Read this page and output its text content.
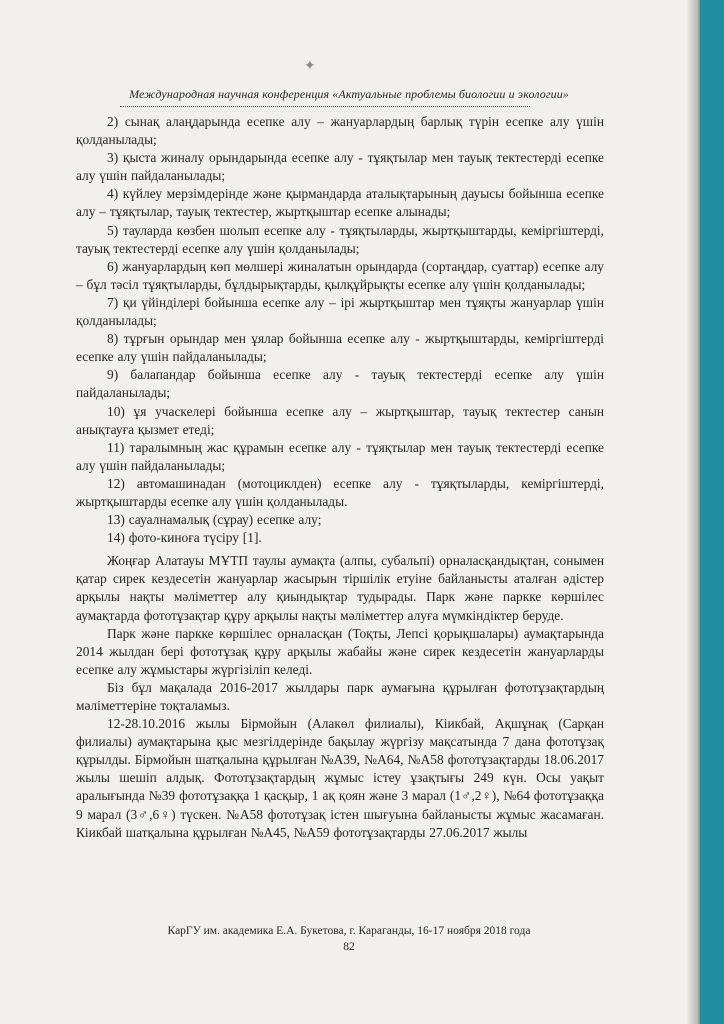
✦
Международная научная конференция «Актуальные проблемы биологии и экологии»

2) сынақ алаңдарында есепке алу – жануарлардың барлық түрін есепке алу үшін қолданылады;

3) қыста жиналу орындарында есепке алу - тұяқтылар мен тауық тектестерді есепке алу үшін пайдаланылады;

4) күйлеу мерзімдерінде және қырмандарда аталықтарының дауысы бойынша есепке алу – тұяқтылар, тауық тектестер, жыртқыштар есепке алынады;

5) тауларда көзбен шолып есепке алу - тұяқтыларды, жыртқыштарды, кеміргіштерді, тауық тектестерді есепке алу үшін қолданылады;

6) жануарлардың көп мөлшері жиналатын орындарда (сортаңдар, суаттар) есепке алу – бұл тәсіл тұяқтыларды, бұлдырықтарды, қылқұйрықты есепке алу үшін қолданылады;

7) қи үйінділері бойынша есепке алу – ірі жыртқыштар мен тұяқты жануарлар үшін қолданылады;

8) тұрғын орындар мен ұялар бойынша есепке алу - жыртқыштарды, кеміргіштерді есепке алу үшін пайдаланылады;

9) балапандар бойынша есепке алу - тауық тектестерді есепке алу үшін пайдаланылады;

10) ұя учаскелері бойынша есепке алу – жыртқыштар, тауық тектестер санын анықтауға қызмет етеді;

11) таралымның жас құрамын есепке алу - тұяқтылар мен тауық тектестерді есепке алу үшін пайдаланылады;

12) автомашинадан (мотоциклден) есепке алу - тұяқтыларды, кеміргіштерді, жыртқыштарды есепке алу үшін қолданылады.

13) сауалнамалық (сұрау) есепке алу;

14) фото-киноға түсіру [1].

Жоңғар Алатауы МҰТП таулы аумақта (алпы, субальпі) орналасқандықтан, сонымен қатар сирек кездесетін жануарлар жасырын тіршілік етуіне байланысты аталған әдістер арқылы нақты мәліметтер алу қиындықтар тудырады. Парк және паркке көршілес аумақтарда фототұзақтар құру арқылы нақты мәліметтер алуға мүмкіндіктер беруде.

Парк және паркке көршілес орналасқан (Тоқты, Лепсі қорықшалары) аумақтарында 2014 жылдан бері фототұзақ құру арқылы жабайы және сирек кездесетін жануарларды есепке алу жұмыстары жүргізіліп келеді.

Біз бұл мақалада 2016-2017 жылдары парк аумағына құрылған фототұзақтардың мәліметтеріне тоқталамыз.

12-28.10.2016 жылы Бірмойын (Алакөл филиалы), Кіикбай, Ақшұнақ (Сарқан филиалы) аумақтарына қыс мезгілдерінде бақылау жүргізу мақсатында 7 дана фототұзақ құрылды. Бірмойын шатқалына құрылған №А39, №А64, №А58 фототұзақтарды 18.06.2017 жылы шешіп алдық. Фототұзақтардың жұмыс істеу ұзақтығы 249 күн. Осы уақыт аралығында №39 фототұзаққа 1 қасқыр, 1 ақ қоян және 3 марал (1♂,2♀), №64 фототұзаққа 9 марал (3♂,6♀) түскен. №А58 фототұзақ істен шығуына байланысты жұмыс жасамаған. Кіикбай шатқалына құрылған №А45, №А59 фототұзақтарды 27.06.2017 жылы

КарГУ им. академика Е.А. Букетова, г. Караганды, 16-17 ноября 2018 года
82
